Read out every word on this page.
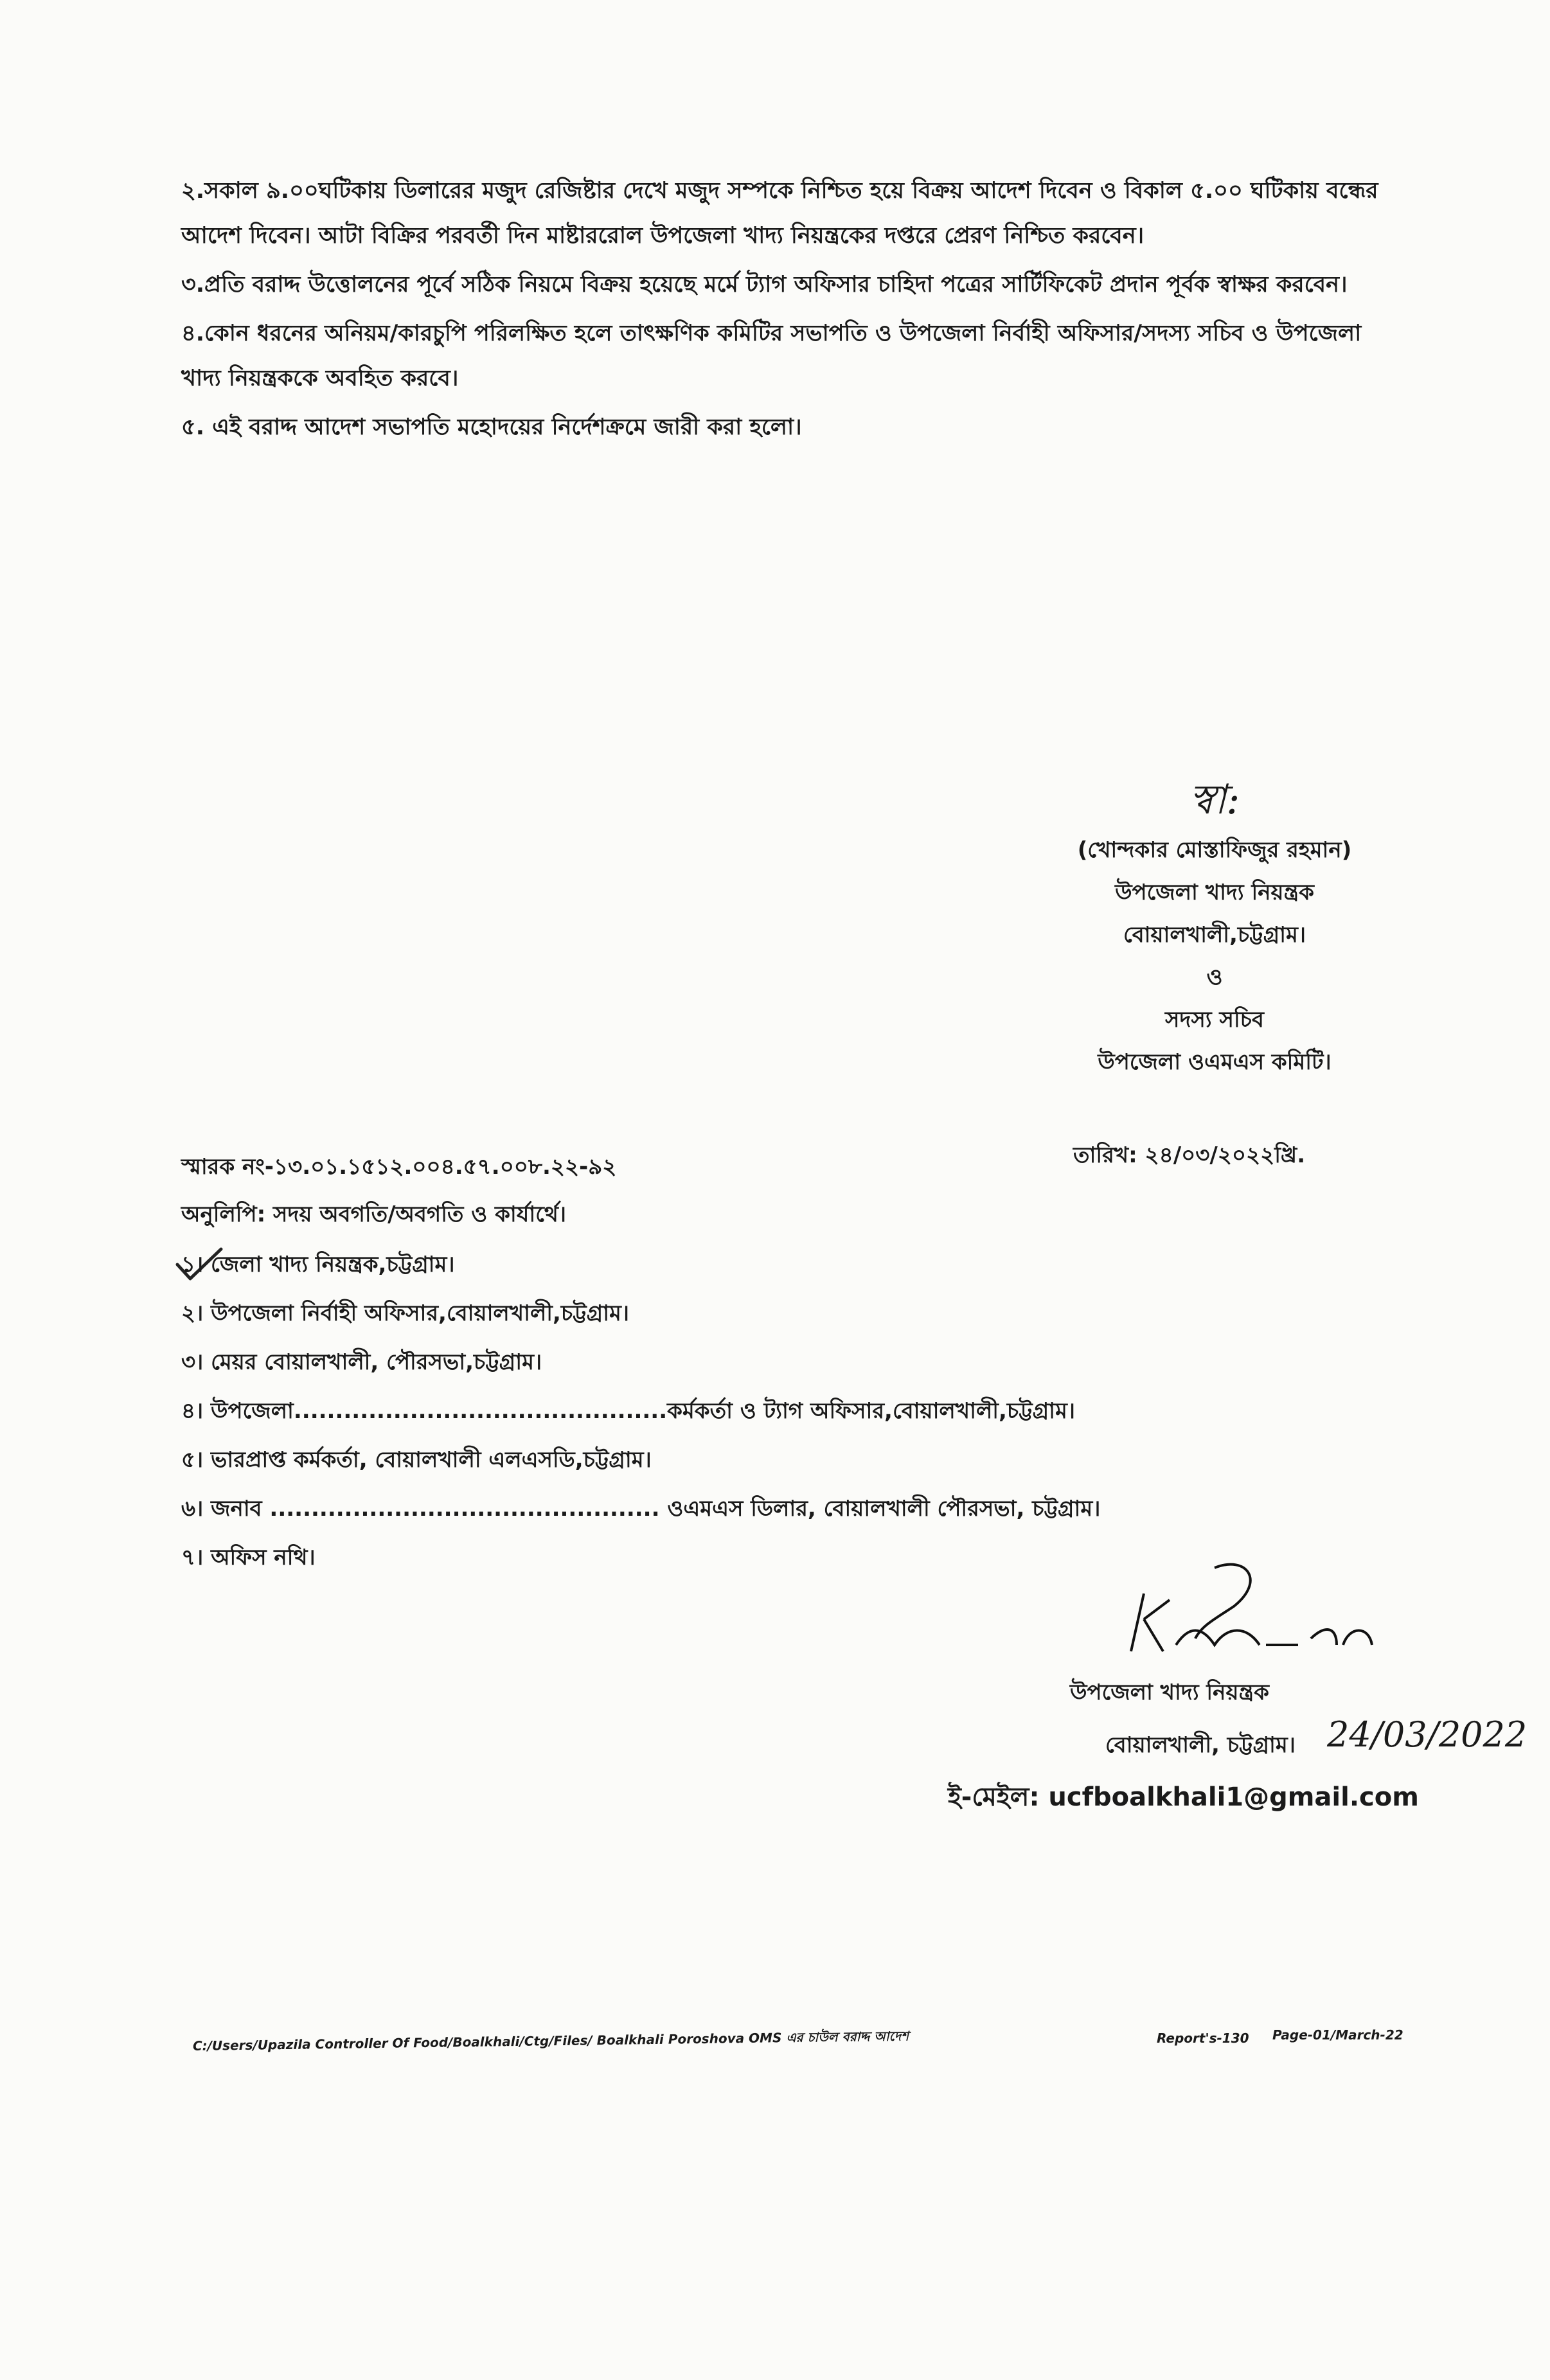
২.সকাল ৯.০০ঘটিকায় ডিলারের মজুদ রেজিষ্টার দেখে মজুদ সম্পকে নিশ্চিত হয়ে বিক্রয় আদেশ দিবেন ও বিকাল ৫.০০ ঘটিকায় বন্ধের আদেশ দিবেন। আটা বিক্রির পরবর্তী দিন মাষ্টাররোল উপজেলা খাদ্য নিয়ন্ত্রকের দপ্তরে প্রেরণ নিশ্চিত করবেন।

৩.প্রতি বরাদ্দ উত্তোলনের পূর্বে সঠিক নিয়মে বিক্রয় হয়েছে মর্মে ট্যাগ অফিসার চাহিদা পত্রের সার্টিফিকেট প্রদান পূর্বক স্বাক্ষর করবেন।

৪.কোন ধরনের অনিয়ম/কারচুপি পরিলক্ষিত হলে তাৎক্ষণিক কমিটির সভাপতি ও উপজেলা নির্বাহী অফিসার/সদস্য সচিব ও উপজেলা খাদ্য নিয়ন্ত্রককে অবহিত করবে।

৫. এই বরাদ্দ আদেশ সভাপতি মহোদয়ের নির্দেশক্রমে জারী করা হলো।

স্বা:
(খোন্দকার মোস্তাফিজুর রহমান)
উপজেলা খাদ্য নিয়ন্ত্রক
বোয়ালখালী,চট্টগ্রাম।
ও
সদস্য সচিব
উপজেলা ওএমএস কমিটি।
স্মারক নং-১৩.০১.১৫১২.০০৪.৫৭.০০৮.২২-৯২	তারিখ: ২৪/০৩/২০২২খ্রি.
অনুলিপি: সদয় অবগতি/অবগতি ও কার্যার্থে।
১। জেলা খাদ্য নিয়ন্ত্রক,চট্টগ্রাম।
২। উপজেলা নির্বাহী অফিসার,বোয়ালখালী,চট্টগ্রাম।
৩। মেয়র বোয়ালখালী, পৌরসভা,চট্টগ্রাম।
৪। উপজেলা.............................................কর্মকর্তা ও ট্যাগ অফিসার,বোয়ালখালী,চট্টগ্রাম।
৫। ভারপ্রাপ্ত কর্মকর্তা, বোয়ালখালী এলএসডি,চট্টগ্রাম।
৬। জনাব ............................................... ওএমএস ডিলার, বোয়ালখালী পৌরসভা, চট্টগ্রাম।
৭। অফিস নথি।
উপজেলা খাদ্য নিয়ন্ত্রক
বোয়ালখালী, চট্টগ্রাম। 24/03/2022
ই-মেইল: ucfboalkhali1@gmail.com
C:/Users/Upazila Controller Of Food/Boalkhali/Ctg/Files/ Boalkhali Poroshova OMS এর চাউল বরাদ্দ আদেশ	Report's-130 Page-01/March-22
